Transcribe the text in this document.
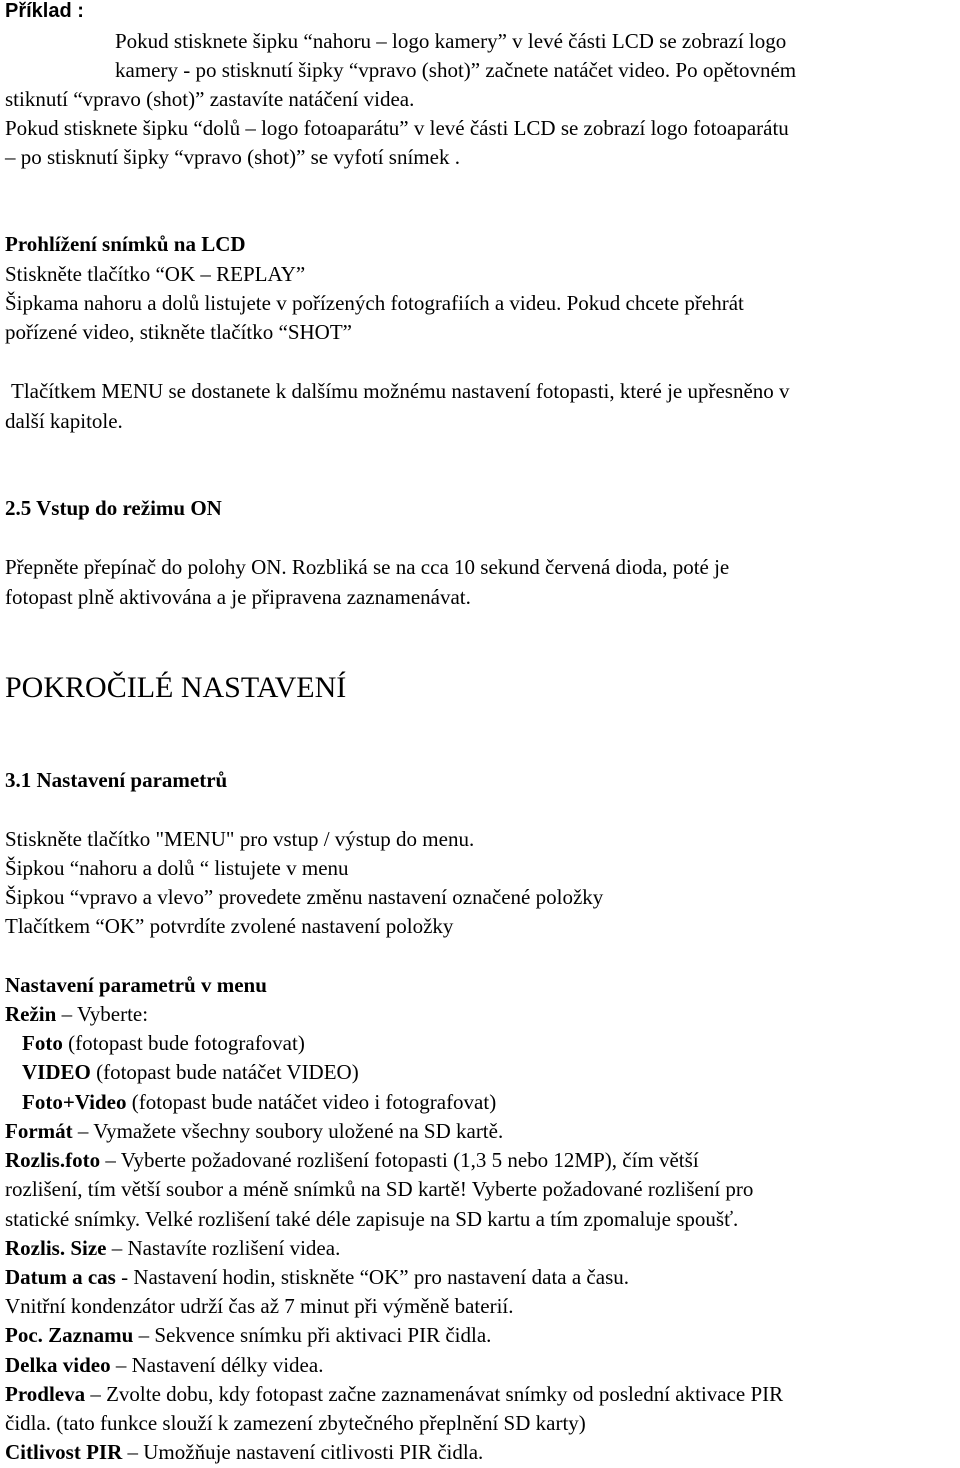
Příklad :
Pokud stisknete šipku “nahoru – logo kamery” v levé části LCD se zobrazí logo
kamery - po stisknutí šipky “vpravo (shot)” začnete natáčet video. Po opětovném
stiknutí “vpravo (shot)” zastavíte natáčení videa.
Pokud stisknete šipku “dolů – logo fotoaparátu” v levé části LCD se zobrazí logo fotoaparátu
– po stisknutí šipky “vpravo (shot)” se vyfotí snímek .
Prohlížení snímků na LCD
Stiskněte tlačítko “OK – REPLAY”
Šipkama nahoru a dolů listujete v pořízených fotografiích a videu. Pokud chcete přehrát
pořízené video, stikněte tlačítko “SHOT”
Tlačítkem MENU se dostanete k dalšímu možnému nastavení fotopasti, které je upřesněno v
další kapitole.
2.5 Vstup do režimu ON
Přepněte přepínač do polohy ON. Rozbliká se na cca 10 sekund červená dioda, poté je
fotopast plně aktivována a je připravena zaznamenávat.
POKROČILÉ NASTAVENÍ
3.1 Nastavení parametrů
Stiskněte tlačítko "MENU" pro vstup / výstup do menu.
Šipkou “nahoru a dolů “ listujete v menu
Šipkou “vpravo a vlevo” provedete změnu nastavení označené položky
Tlačítkem “OK” potvrdíte zvolené nastavení položky
Nastavení parametrů v menu
Režin – Vyberte:
Foto (fotopast bude fotografovat)
VIDEO (fotopast bude natáčet VIDEO)
Foto+Video (fotopast bude natáčet video i fotografovat)
Formát – Vymažete všechny soubory uložené na SD kartě.
Rozlis.foto – Vyberte požadované rozlišení fotopasti (1,3 5 nebo 12MP), čím větší
rozlišení, tím větší soubor a méně snímků na SD kartě! Vyberte požadované rozlišení pro
statické snímky. Velké rozlišení také déle zapisuje na SD kartu a tím zpomaluje spoušť.
Rozlis. Size – Nastavíte rozlišení videa.
Datum a cas - Nastavení hodin, stiskněte “OK” pro nastavení data a času.
Vnitřní kondenzátor udrží čas až 7 minut při výměně baterií.
Poc. Zaznamu – Sekvence snímku při aktivaci PIR čidla.
Delka video – Nastavení délky videa.
Prodleva – Zvolte dobu, kdy fotopast začne zaznamenávat snímky od poslední aktivace PIR
čidla. (tato funkce slouží k zamezení zbytečného přeplnění SD karty)
Citlivost PIR – Umožňuje nastavení citlivosti PIR čidla.
